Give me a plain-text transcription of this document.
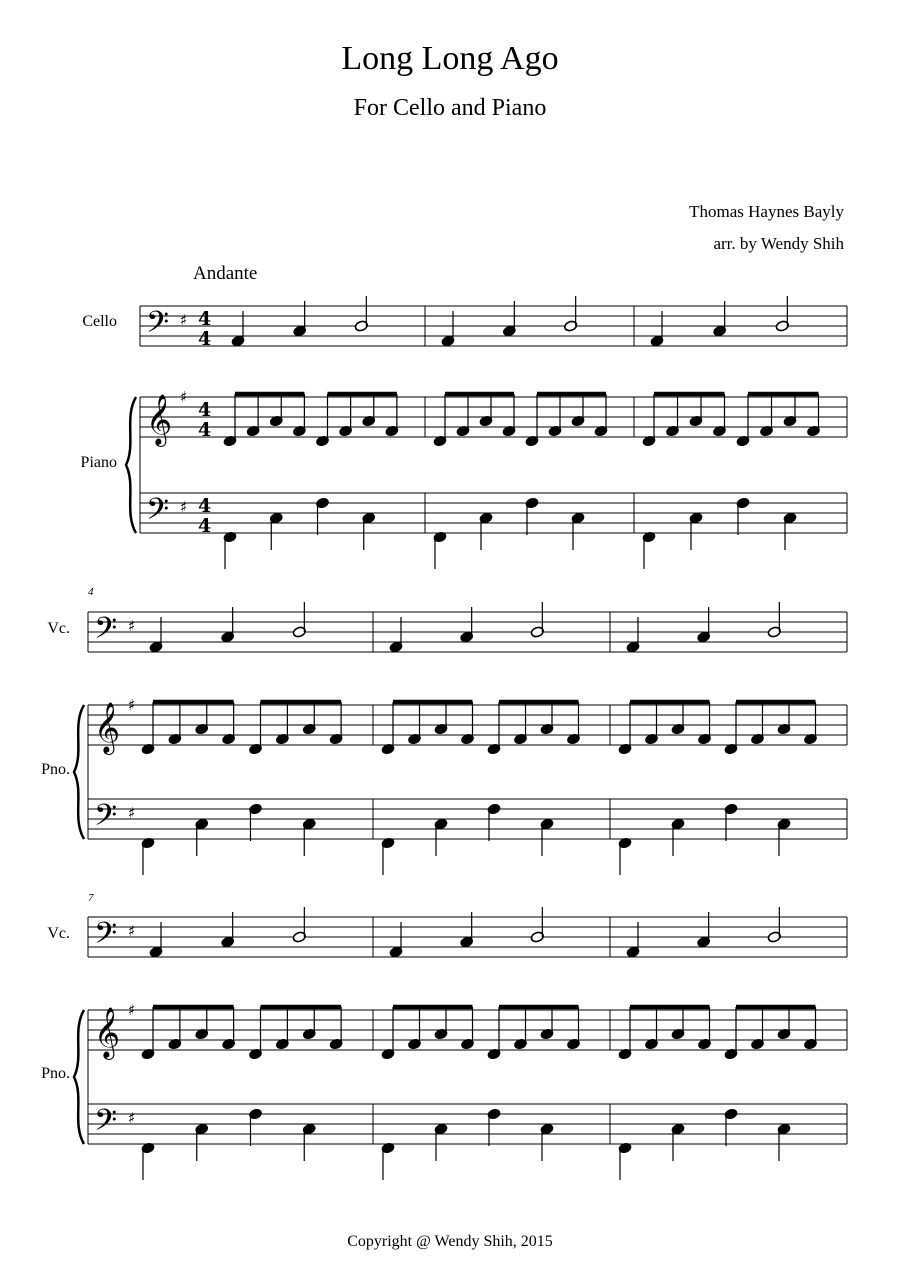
Long Long Ago
For Cello and Piano
Thomas Haynes Bayly
arr. by Wendy Shih
Andante
Cello
Piano
4
Vc.
Pno.
7
Vc.
Pno.
𝄢
𝄞
𝄢
♯
♯
♯
4
4
4
4
4
4
𝄢
𝄞
𝄢
♯
♯
♯
𝄢
𝄞
𝄢
♯
♯
♯
Copyright @ Wendy Shih, 2015
